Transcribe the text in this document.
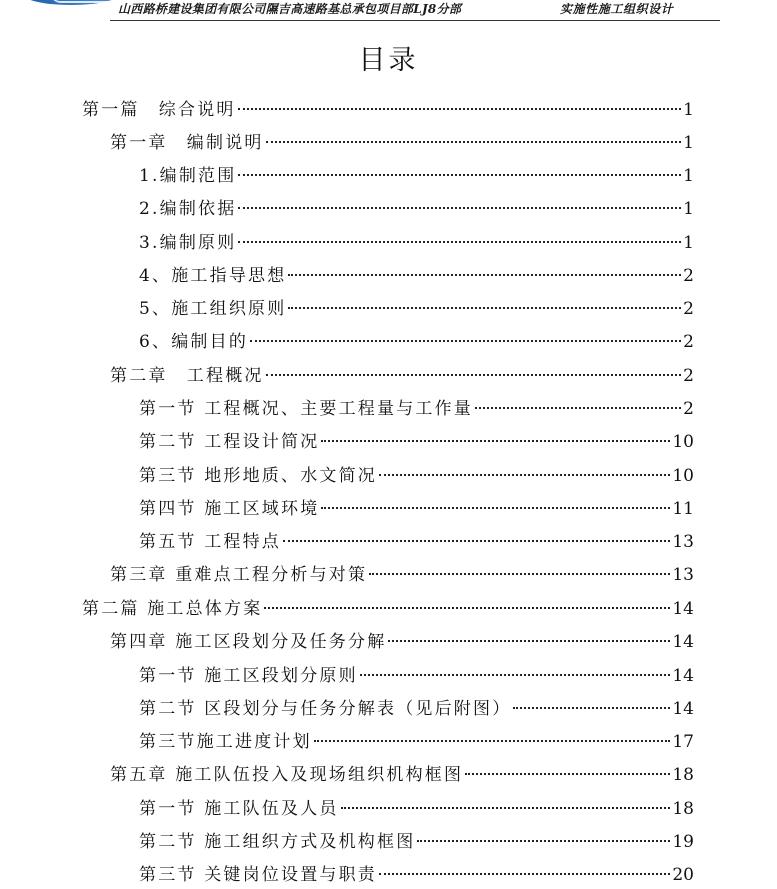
山西路桥建设集团有限公司隰吉高速路基总承包项目部LJ8分部	实施性施工组织设计
目录
第一篇　综合说明	1
第一章　编制说明	1
1.编制范围	1
2.编制依据	1
3.编制原则	1
4、施工指导思想	2
5、施工组织原则	2
6、编制目的	2
第二章　工程概况	2
第一节 工程概况、主要工程量与工作量	2
第二节 工程设计简况	10
第三节 地形地质、水文简况	10
第四节 施工区域环境	11
第五节 工程特点	13
第三章 重难点工程分析与对策	13
第二篇 施工总体方案	14
第四章 施工区段划分及任务分解	14
第一节 施工区段划分原则	14
第二节 区段划分与任务分解表（见后附图）	14
第三节施工进度计划	17
第五章 施工队伍投入及现场组织机构框图	18
第一节 施工队伍及人员	18
第二节 施工组织方式及机构框图	19
第三节 关键岗位设置与职责	20
